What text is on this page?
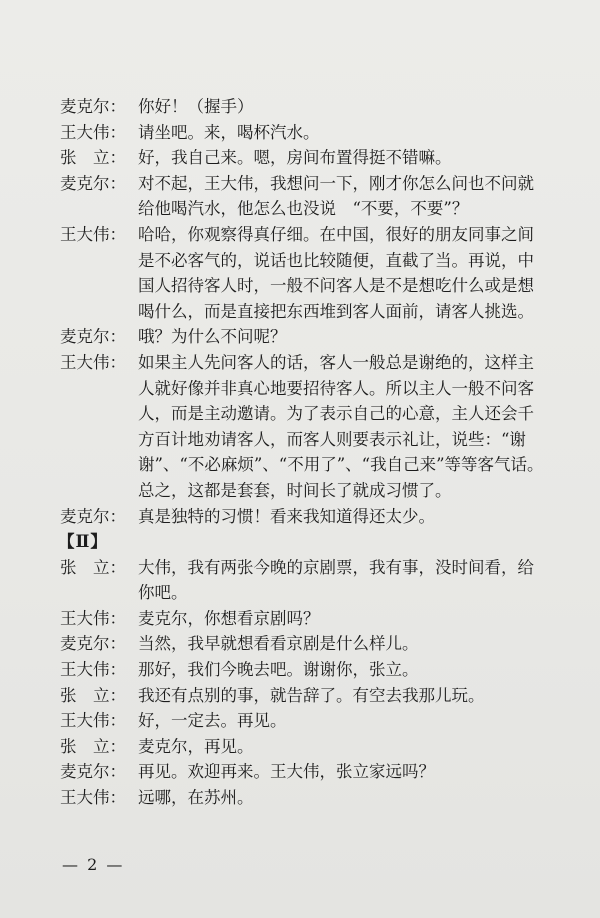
麦克尔： 你好！（握手）
王大伟： 请坐吧。来，喝杯汽水。
张　立： 好，我自己来。嗯，房间布置得挺不错嘛。
麦克尔： 对不起，王大伟，我想问一下，刚才你怎么问也不问就
给他喝汽水，他怎么也没说　“不要，不要”？
王大伟： 哈哈，你观察得真仔细。在中国，很好的朋友同事之间
是不必客气的，说话也比较随便，直截了当。再说，中
国人招待客人时，一般不问客人是不是想吃什么或是想
喝什么，而是直接把东西堆到客人面前，请客人挑选。
麦克尔： 哦？为什么不问呢？
王大伟： 如果主人先问客人的话，客人一般总是谢绝的，这样主
人就好像并非真心地要招待客人。所以主人一般不问客
人，而是主动邀请。为了表示自己的心意，主人还会千
方百计地劝请客人，而客人则要表示礼让，说些：“谢
谢”、“不必麻烦”、“不用了”、“我自己来”等等客气话。
总之，这都是套套，时间长了就成习惯了。
麦克尔： 真是独特的习惯！看来我知道得还太少。
【Ⅱ】
张　立： 大伟，我有两张今晚的京剧票，我有事，没时间看，给
你吧。
王大伟： 麦克尔，你想看京剧吗？
麦克尔： 当然，我早就想看看京剧是什么样儿。
王大伟： 那好，我们今晚去吧。谢谢你，张立。
张　立： 我还有点别的事，就告辞了。有空去我那儿玩。
王大伟： 好，一定去。再见。
张　立： 麦克尔，再见。
麦克尔： 再见。欢迎再来。王大伟，张立家远吗？
王大伟： 远哪，在苏州。
— 2 —
